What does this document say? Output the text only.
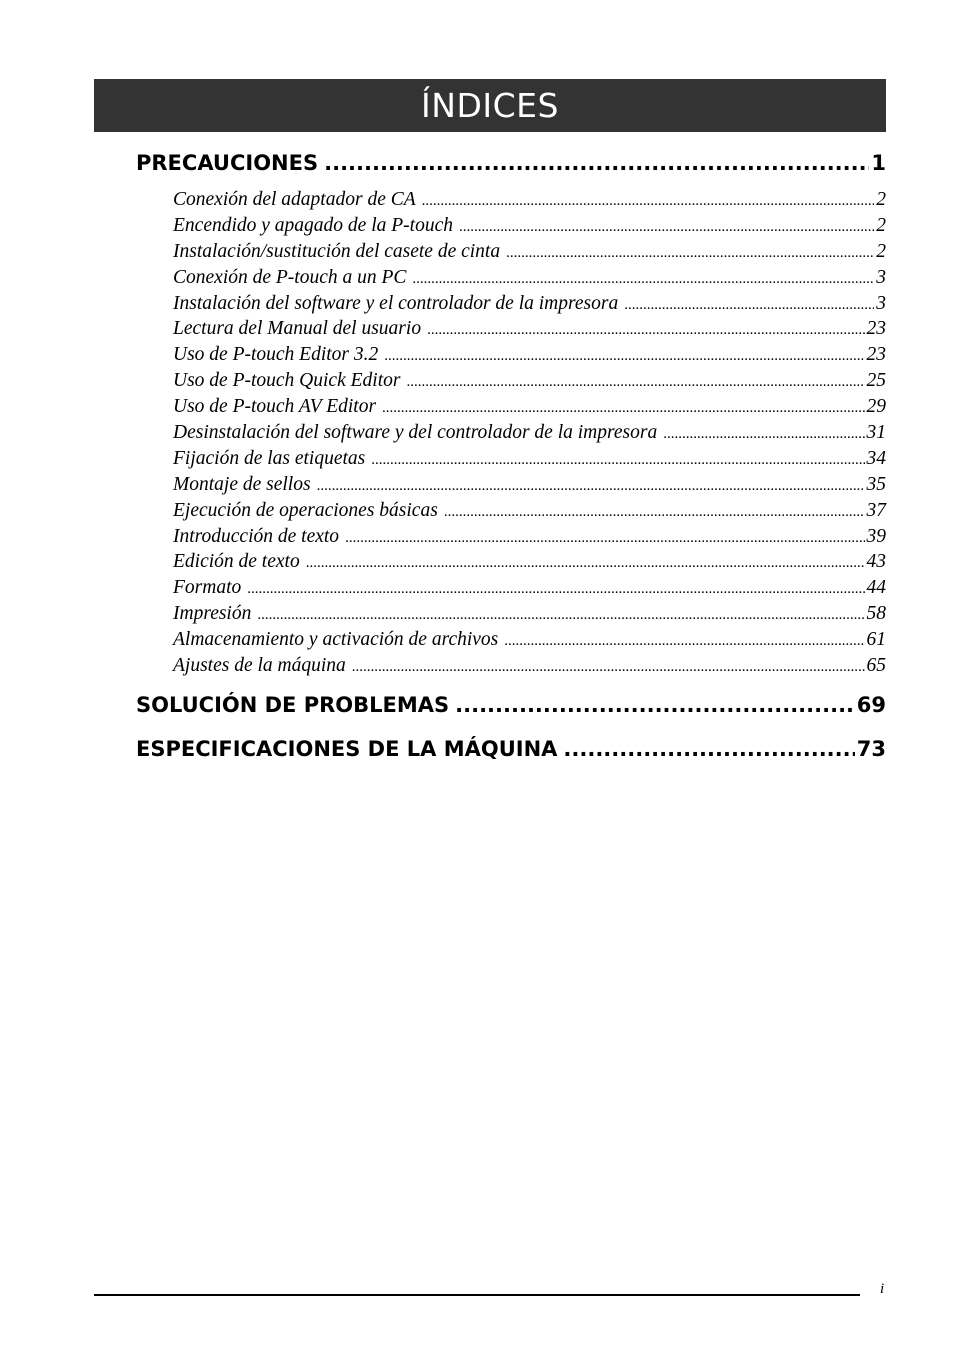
ÍNDICES
PRECAUCIONES .....	1
Conexión del adaptador de CA .....	2
Encendido y apagado de la P-touch .....	2
Instalación/sustitución del casete de cinta .....	2
Conexión de P-touch a un PC .....	3
Instalación del software y el controlador de la impresora .....	3
Lectura del Manual del usuario .....	23
Uso de P-touch Editor 3.2 .....	23
Uso de P-touch Quick Editor .....	25
Uso de P-touch AV Editor .....	29
Desinstalación del software y del controlador de la impresora .....	31
Fijación de las etiquetas .....	34
Montaje de sellos .....	35
Ejecución de operaciones básicas .....	37
Introducción de texto .....	39
Edición de texto .....	43
Formato .....	44
Impresión .....	58
Almacenamiento y activación de archivos .....	61
Ajustes de la máquina .....	65
SOLUCIÓN DE PROBLEMAS .....	69
ESPECIFICACIONES DE LA MÁQUINA .....	73
i
